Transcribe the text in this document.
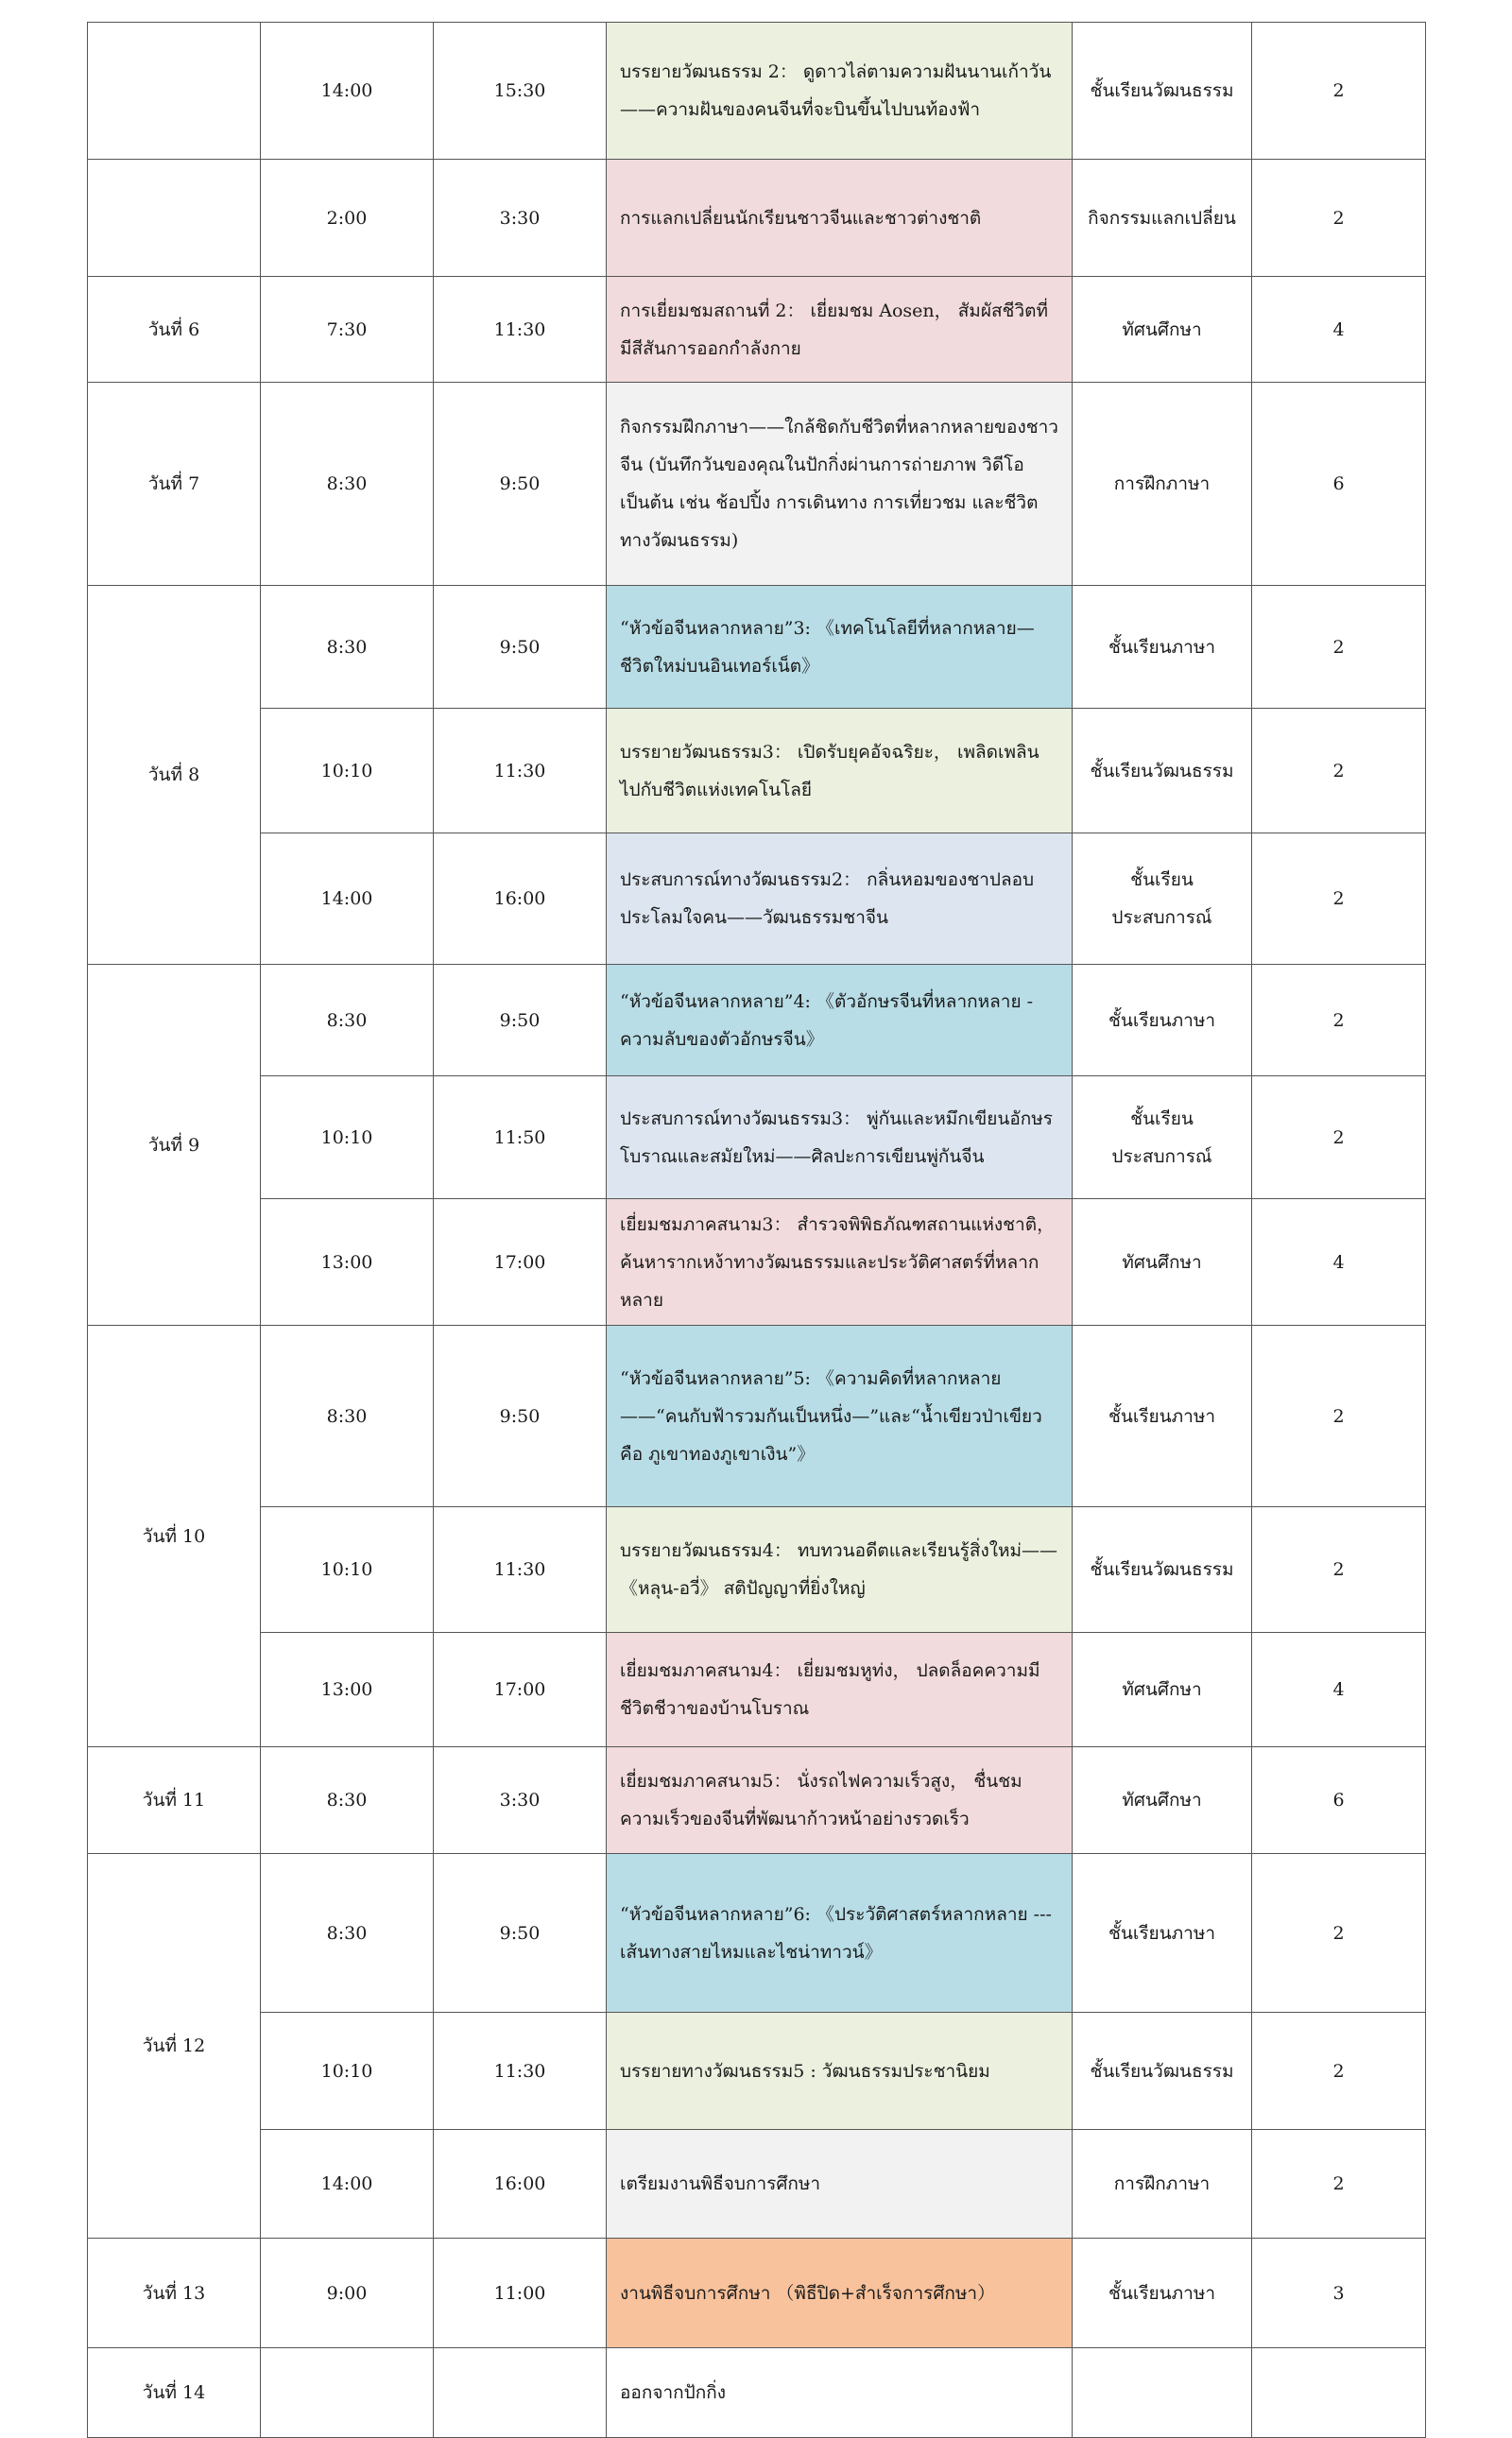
	14:00	15:30	บรรยายวัฒนธรรม 2： ดูดาวไล่ตามความฝันนานเก้าวัน——ความฝันของคนจีนที่จะบินขึ้นไปบนท้องฟ้า	ชั้นเรียนวัฒนธรรม	2
	2:00	3:30	การแลกเปลี่ยนนักเรียนชาวจีนและชาวต่างชาติ	กิจกรรมแลกเปลี่ยน	2
วันที่ 6	7:30	11:30	การเยี่ยมชมสถานที่ 2： เยี่ยมชม Aosen， สัมผัสชีวิตที่มีสีสันการออกกำลังกาย	ทัศนศึกษา	4
วันที่ 7	8:30	9:50	กิจกรรมฝึกภาษา——ใกล้ชิดกับชีวิตที่หลากหลายของชาวจีน (บันทึกวันของคุณในปักกิ่งผ่านการถ่ายภาพ วิดีโอ เป็นต้น เช่น ช้อปปิ้ง การเดินทาง การเที่ยวชม และชีวิตทางวัฒนธรรม)	การฝึกภาษา	6
วันที่ 8	8:30	9:50	“หัวข้อจีนหลากหลาย”3: 《เทคโนโลยีที่หลากหลาย—ชีวิตใหม่บนอินเทอร์เน็ต》	ชั้นเรียนภาษา	2
	10:10	11:30	บรรยายวัฒนธรรม3： เปิดรับยุคอัจฉริยะ， เพลิดเพลินไปกับชีวิตแห่งเทคโนโลยี	ชั้นเรียนวัฒนธรรม	2
	14:00	16:00	ประสบการณ์ทางวัฒนธรรม2： กลิ่นหอมของชาปลอบประโลมใจคน——วัฒนธรรมชาจีน	ชั้นเรียนประสบการณ์	2
วันที่ 9	8:30	9:50	“หัวข้อจีนหลากหลาย”4: 《ตัวอักษรจีนที่หลากหลาย - ความลับของตัวอักษรจีน》	ชั้นเรียนภาษา	2
	10:10	11:50	ประสบการณ์ทางวัฒนธรรม3： พู่กันและหมึกเขียนอักษรโบราณและสมัยใหม่——ศิลปะการเขียนพู่กันจีน	ชั้นเรียนประสบการณ์	2
	13:00	17:00	เยี่ยมชมภาคสนาม3： สำรวจพิพิธภัณฑสถานแห่งชาติ， ค้นหารากเหง้าทางวัฒนธรรมและประวัติศาสตร์ที่หลากหลาย	ทัศนศึกษา	4
วันที่ 10	8:30	9:50	“หัวข้อจีนหลากหลาย”5: 《ความคิดที่หลากหลาย——“คนกับฟ้ารวมกันเป็นหนึ่ง—”และ“น้ำเขียวป่าเขียว คือ ภูเขาทองภูเขาเงิน”》	ชั้นเรียนภาษา	2
	10:10	11:30	บรรยายวัฒนธรรม4： ทบทวนอดีตและเรียนรู้สิ่งใหม่——《หลุน-อวี่》 สติปัญญาที่ยิ่งใหญ่	ชั้นเรียนวัฒนธรรม	2
	13:00	17:00	เยี่ยมชมภาคสนาม4： เยี่ยมชมหูท่ง， ปลดล็อคความมีชีวิตชีวาของบ้านโบราณ	ทัศนศึกษา	4
วันที่ 11	8:30	3:30	เยี่ยมชมภาคสนาม5： นั่งรถไฟความเร็วสูง， ชื่นชมความเร็วของจีนที่พัฒนาก้าวหน้าอย่างรวดเร็ว	ทัศนศึกษา	6
วันที่ 12	8:30	9:50	“หัวข้อจีนหลากหลาย”6: 《ประวัติศาสตร์หลากหลาย --- เส้นทางสายไหมและไชน่าทาวน์》	ชั้นเรียนภาษา	2
	10:10	11:30	บรรยายทางวัฒนธรรม5 : วัฒนธรรมประชานิยม	ชั้นเรียนวัฒนธรรม	2
	14:00	16:00	เตรียมงานพิธีจบการศึกษา	การฝึกภาษา	2
วันที่ 13	9:00	11:00	งานพิธีจบการศึกษา （พิธีปิด+สำเร็จการศึกษา）	ชั้นเรียนภาษา	3
วันที่ 14			ออกจากปักกิ่ง		
